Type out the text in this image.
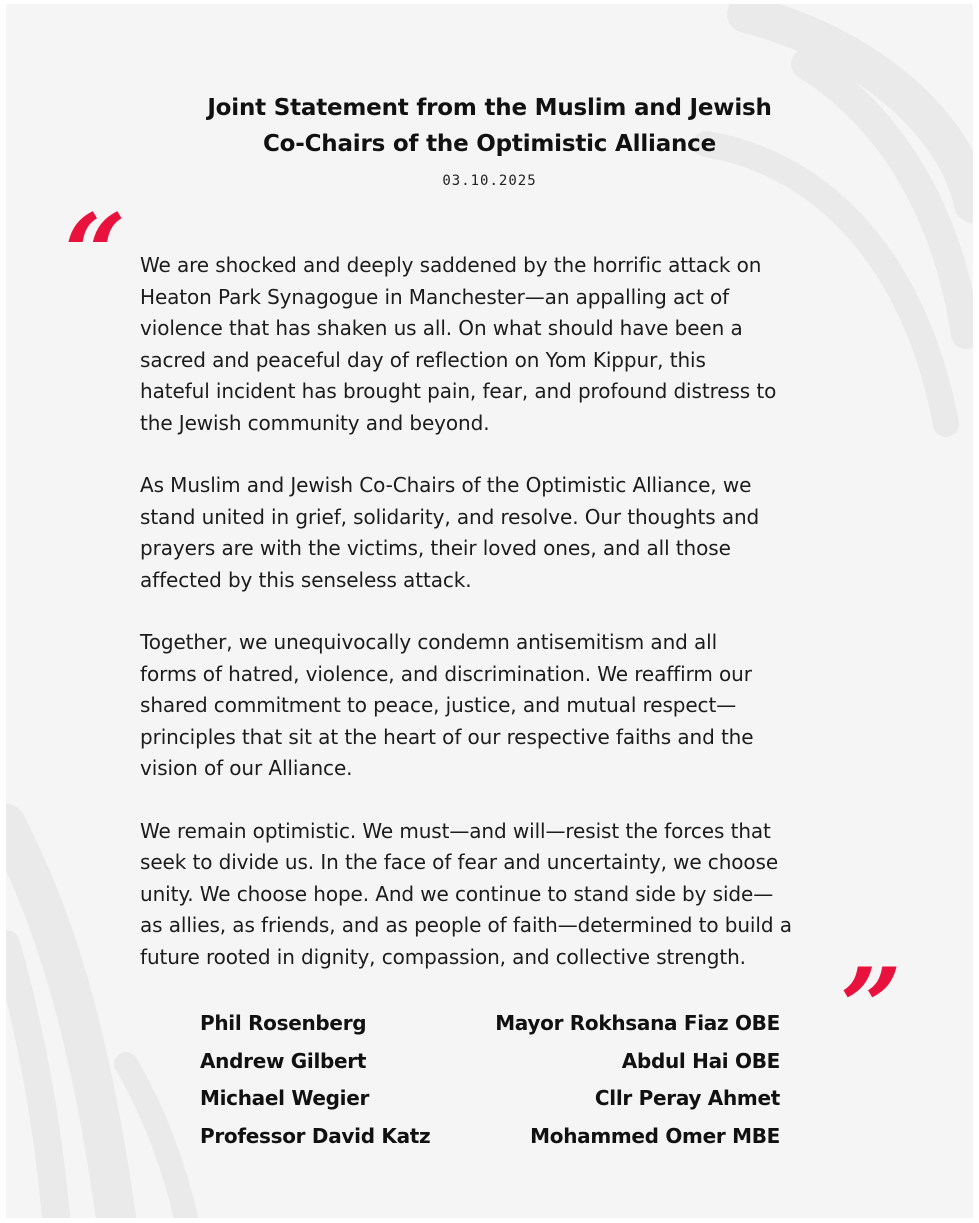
Joint Statement from the Muslim and Jewish
Co-Chairs of the Optimistic Alliance
03.10.2025
“ We are shocked and deeply saddened by the horrific attack on
Heaton Park Synagogue in Manchester—an appalling act of
violence that has shaken us all. On what should have been a
sacred and peaceful day of reflection on Yom Kippur, this
hateful incident has brought pain, fear, and profound distress to
the Jewish community and beyond.

As Muslim and Jewish Co-Chairs of the Optimistic Alliance, we
stand united in grief, solidarity, and resolve. Our thoughts and
prayers are with the victims, their loved ones, and all those
affected by this senseless attack.

Together, we unequivocally condemn antisemitism and all
forms of hatred, violence, and discrimination. We reaffirm our
shared commitment to peace, justice, and mutual respect—
principles that sit at the heart of our respective faiths and the
vision of our Alliance.

We remain optimistic. We must—and will—resist the forces that
seek to divide us. In the face of fear and uncertainty, we choose
unity. We choose hope. And we continue to stand side by side—
as allies, as friends, and as people of faith—determined to build a
future rooted in dignity, compassion, and collective strength. ”
Phil Rosenberg
Andrew Gilbert
Michael Wegier
Professor David Katz
Mayor Rokhsana Fiaz OBE
Abdul Hai OBE
Cllr Peray Ahmet
Mohammed Omer MBE
